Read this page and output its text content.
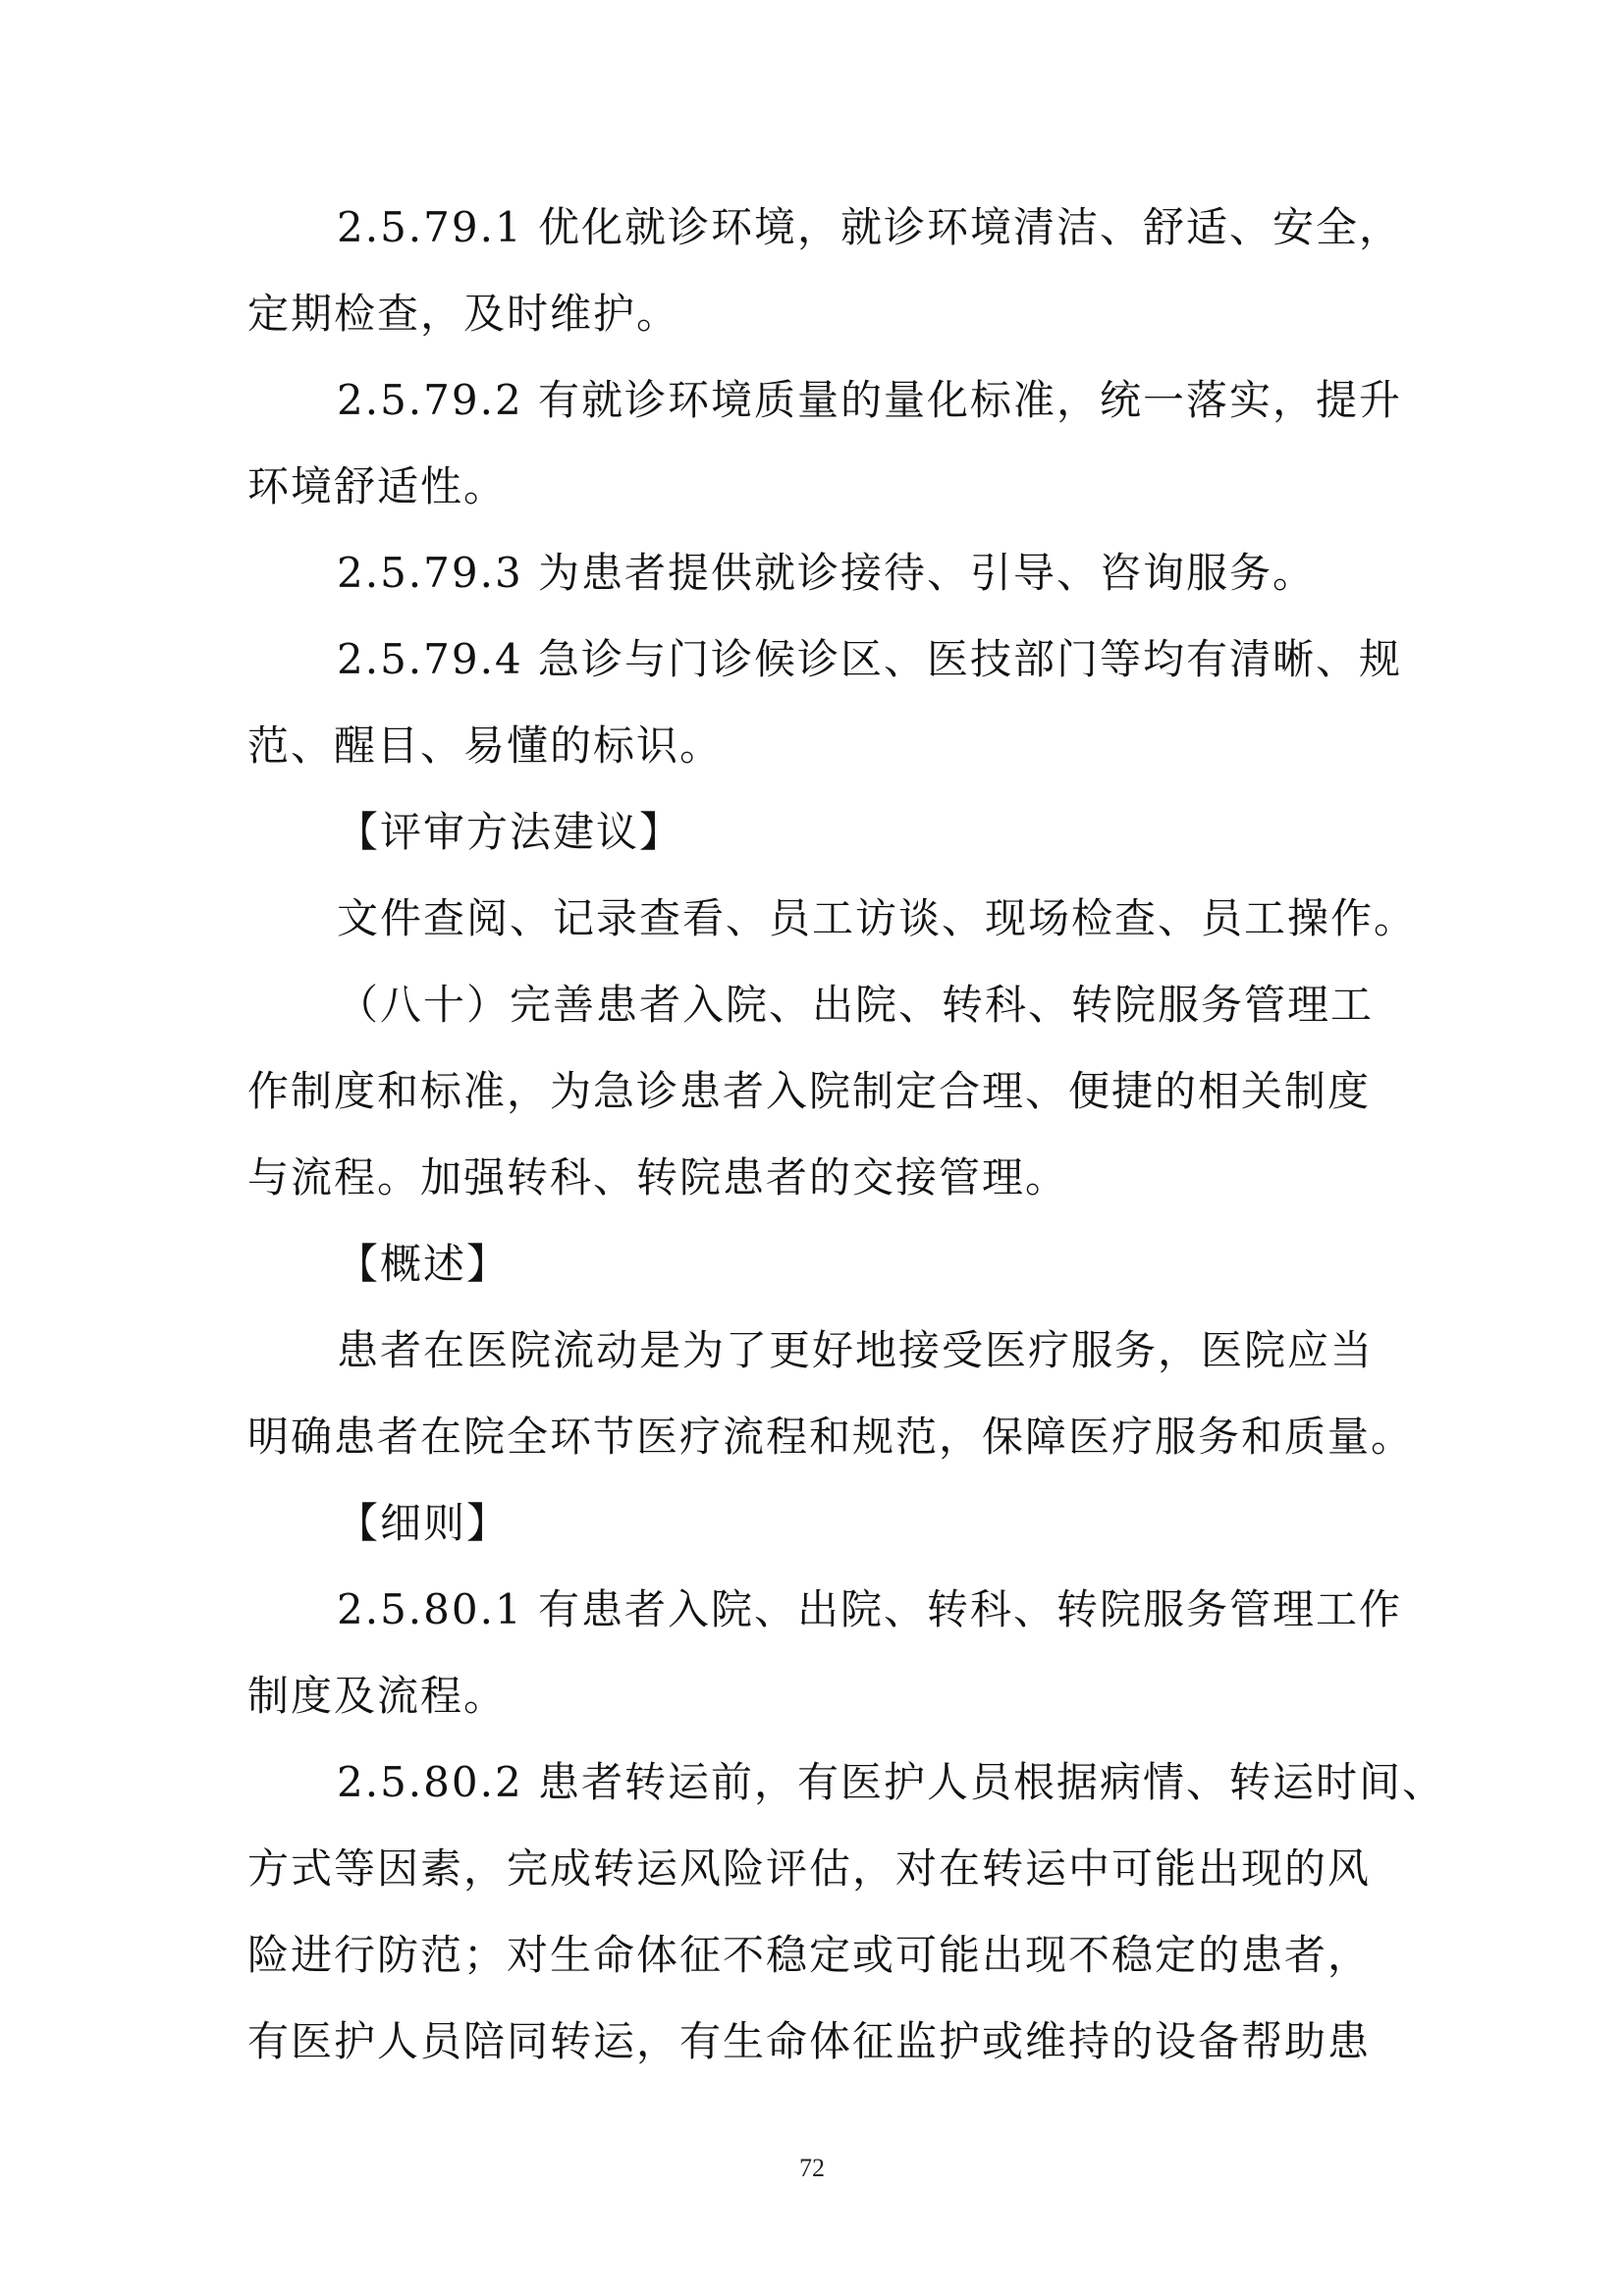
2.5.79.1 优化就诊环境，就诊环境清洁、舒适、安全，
定期检查，及时维护。
2.5.79.2 有就诊环境质量的量化标准，统一落实，提升
环境舒适性。
2.5.79.3 为患者提供就诊接待、引导、咨询服务。
2.5.79.4 急诊与门诊候诊区、医技部门等均有清晰、规
范、醒目、易懂的标识。
【评审方法建议】
文件查阅、记录查看、员工访谈、现场检查、员工操作。
（八十）完善患者入院、出院、转科、转院服务管理工
作制度和标准，为急诊患者入院制定合理、便捷的相关制度
与流程。加强转科、转院患者的交接管理。
【概述】
患者在医院流动是为了更好地接受医疗服务，医院应当
明确患者在院全环节医疗流程和规范，保障医疗服务和质量。
【细则】
2.5.80.1 有患者入院、出院、转科、转院服务管理工作
制度及流程。
2.5.80.2 患者转运前，有医护人员根据病情、转运时间、
方式等因素，完成转运风险评估，对在转运中可能出现的风
险进行防范；对生命体征不稳定或可能出现不稳定的患者，
有医护人员陪同转运，有生命体征监护或维持的设备帮助患
72
